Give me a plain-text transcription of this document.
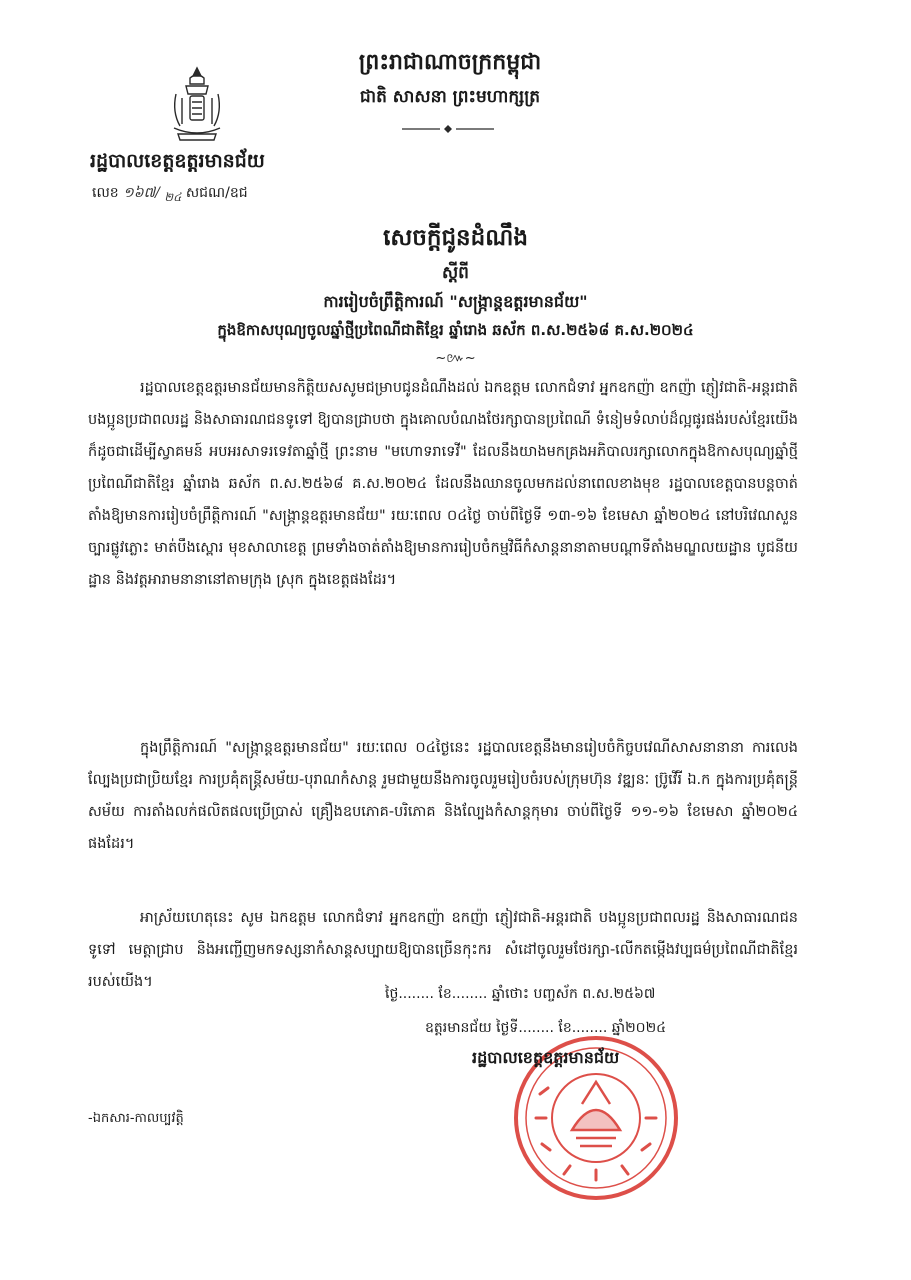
ព្រះរាជាណាចក្រកម្ពុជា
ជាតិ សាសនា ព្រះមហាក្សត្រ
រដ្ឋបាលខេត្តឧត្ដរមានជ័យ
លេខ ១៦៧/ $_{២៤}$ សជណ/ឧជ
សេចក្ដីជូនដំណឹង
ស្ដីពី
ការរៀបចំព្រឹត្តិការណ៍ "សង្ក្រាន្តឧត្ដរមានជ័យ"
ក្នុងឱកាសបុណ្យចូលឆ្នាំថ្មីប្រពៃណីជាតិខ្មែរ ឆ្នាំរោង ឆស័ក ព.ស.២៥៦៨ គ.ស.២០២៤
~៚~

រដ្ឋបាលខេត្តឧត្ដរមានជ័យមានកិត្តិយសសូមជម្រាបជូនដំណឹងដល់ ឯកឧត្តម លោកជំទាវ អ្នកឧកញ៉ា ឧកញ៉ា ភ្ញៀវជាតិ-អន្តរជាតិ បងប្អូនប្រជាពលរដ្ឋ និងសាធារណជនទូទៅ ឱ្យបានជ្រាបថា ក្នុងគោលបំណងថែរក្សាបានប្រពៃណី ទំនៀមទំលាប់ដ៏ល្អផូរផង់របស់ខ្មែរយើង ក៏ដូចជាដើម្បីស្វាគមន៍ អបអរសាទរទេវតាឆ្នាំថ្មី ព្រះនាម "មហោទរាទេវី" ដែលនឹងយាងមកគ្រងអភិបាលរក្សាលោកក្នុងឱកាសបុណ្យឆ្នាំថ្មីប្រពៃណីជាតិខ្មែរ ឆ្នាំរោង ឆស័ក ព.ស.២៥៦៨ គ.ស.២០២៤ ដែលនឹងឈានចូលមកដល់នាពេលខាងមុខ រដ្ឋបាលខេត្តបានបន្តចាត់តាំងឱ្យមានការរៀបចំព្រឹត្តិការណ៍ "សង្ក្រាន្តឧត្ដរមានជ័យ" រយៈពេល ០៤ថ្ងៃ ចាប់ពីថ្ងៃទី ១៣-១៦ ខែមេសា ឆ្នាំ២០២៤ នៅបរិវេណសួនច្បារផ្លូវភ្លោះ មាត់បឹងស្ពោរ មុខសាលាខេត្ត ព្រមទាំងចាត់តាំងឱ្យមានការរៀបចំកម្មវិធីកំសាន្តនានាតាមបណ្តាទីតាំងមណ្ឌលយដ្ឋាន បូជនីយដ្ឋាន និងវត្តអារាមនានានៅតាមក្រុង ស្រុក ក្នុងខេត្តផងដែរ។

ក្នុងព្រឹត្តិការណ៍ "សង្ក្រាន្តឧត្ដរមានជ័យ" រយៈពេល ០៤ថ្ងៃនេះ រដ្ឋបាលខេត្តនឹងមានរៀបចំកិច្ចបវេណីសាសនានានា ការលេងល្បែងប្រជាប្រិយខ្មែរ ការប្រគុំតន្ត្រីសម័យ-បុរាណកំសាន្ត រួមជាមួយនឹងការចូលរួមរៀបចំរបស់ក្រុមហ៊ុន វឌ្ឍនៈ ប្រ៊ូវើរី ឯ.ក ក្នុងការប្រគុំតន្ត្រីសម័យ ការតាំងលក់ផលិតផលប្រើប្រាស់ គ្រឿងឧបភោគ-បរិភោគ និងល្បែងកំសាន្តកុមារ ចាប់ពីថ្ងៃទី ១១-១៦ ខែមេសា ឆ្នាំ២០២៤ ផងដែរ។

អាស្រ័យហេតុនេះ សូម ឯកឧត្តម លោកជំទាវ អ្នកឧកញ៉ា ឧកញ៉ា ភ្ញៀវជាតិ-អន្តរជាតិ បងប្អូនប្រជាពលរដ្ឋ និងសាធារណជនទូទៅ មេត្តាជ្រាប និងអញ្ជើញមកទស្សនាកំសាន្តសប្បាយឱ្យបានច្រើនកុះករ សំដៅចូលរួមថែរក្សា-លើកតម្កើងវប្បធម៌ប្រពៃណីជាតិខ្មែររបស់យើង។

ថ្ងៃ........ ខែ........ ឆ្នាំថោះ បញ្ចស័ក ព.ស.២៥៦៧
ឧត្តរមានជ័យ ថ្ងៃទី........ ខែ........ ឆ្នាំ២០២៤
រដ្ឋបាលខេត្តឧត្ដរមានជ័យ
-ឯកសារ-កាលប្បវត្តិ
